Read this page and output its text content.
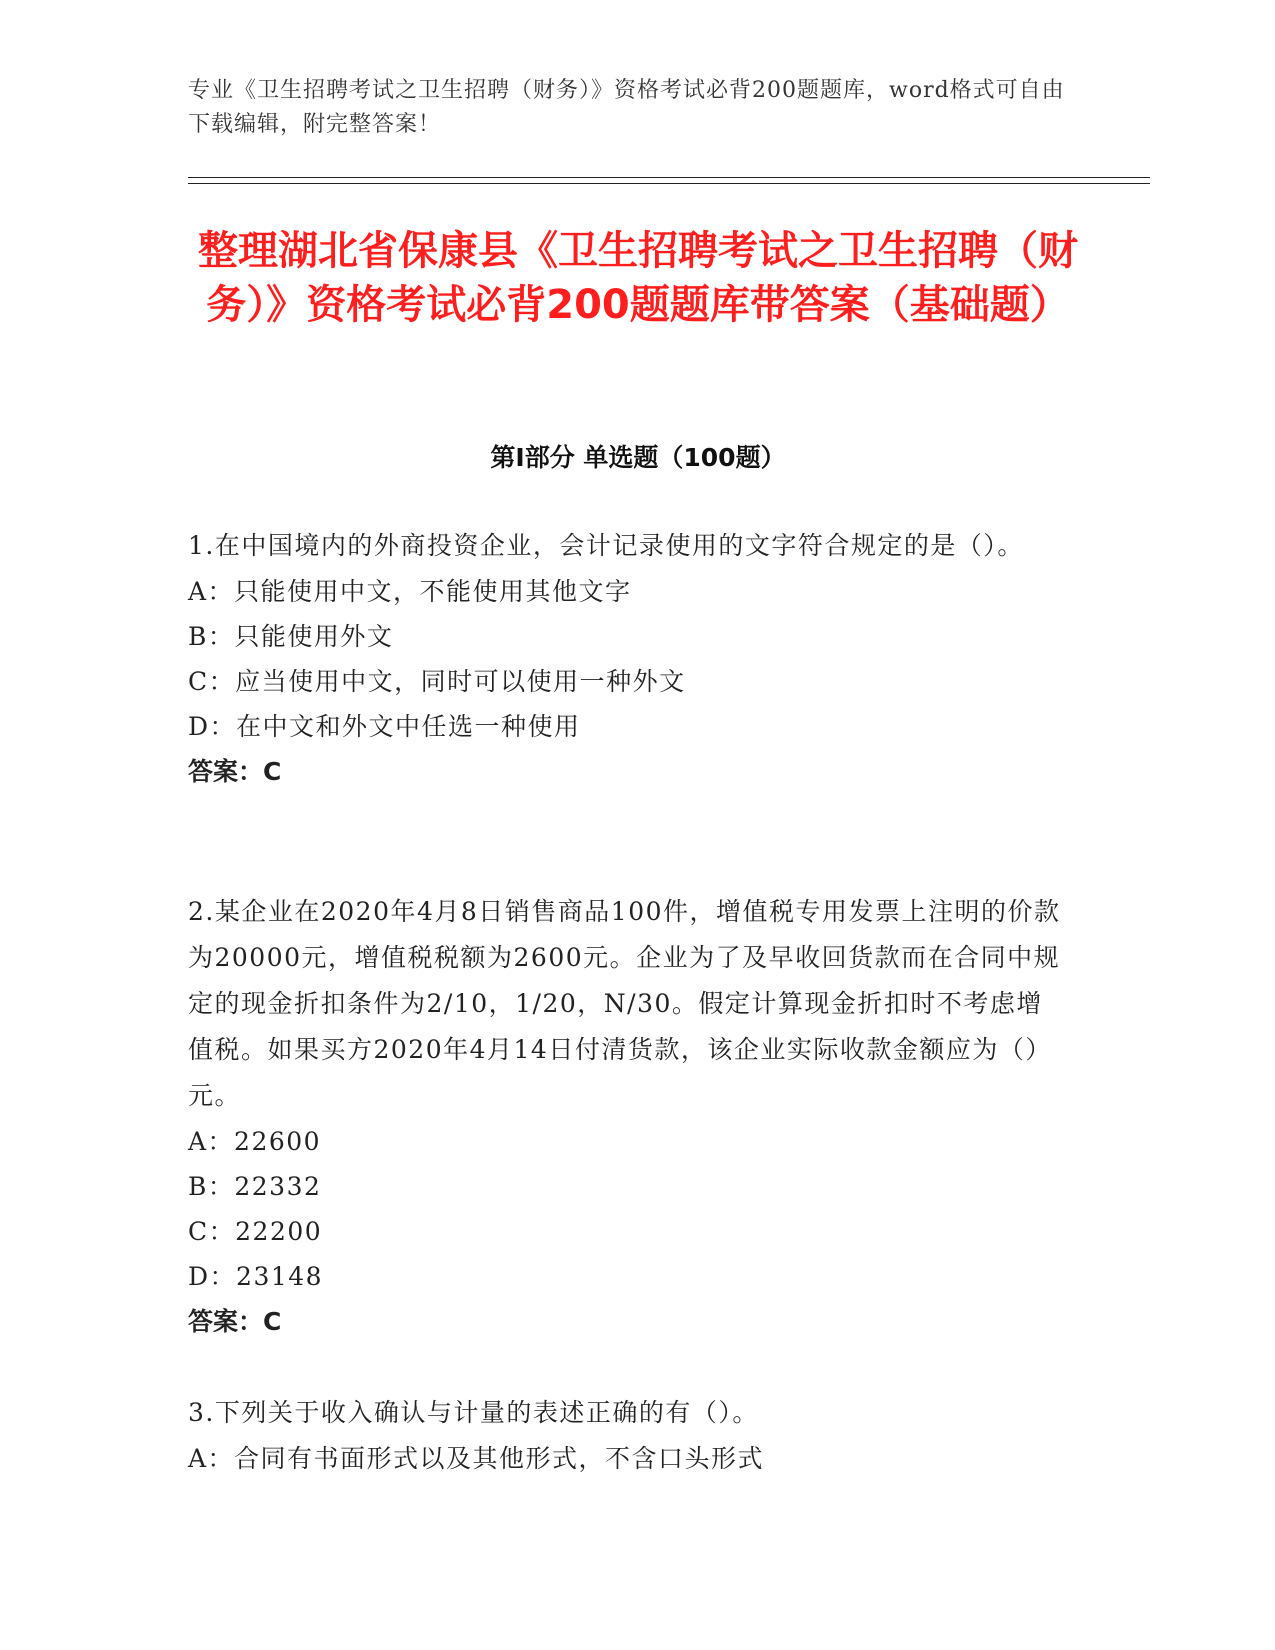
专业《卫生招聘考试之卫生招聘（财务）》资格考试必背200题题库，word格式可自由下载编辑，附完整答案！
整理湖北省保康县《卫生招聘考试之卫生招聘（财务）》资格考试必背200题题库带答案（基础题）
第Ⅰ部分 单选题（100题）
1.在中国境内的外商投资企业，会计记录使用的文字符合规定的是（）。
A：只能使用中文，不能使用其他文字
B：只能使用外文
C：应当使用中文，同时可以使用一种外文
D：在中文和外文中任选一种使用
答案：C
2.某企业在2020年4月8日销售商品100件，增值税专用发票上注明的价款为20000元，增值税税额为2600元。企业为了及早收回货款而在合同中规定的现金折扣条件为2/10，1/20，N/30。假定计算现金折扣时不考虑增值税。如果买方2020年4月14日付清货款，该企业实际收款金额应为（）元。
A：22600
B：22332
C：22200
D：23148
答案：C
3.下列关于收入确认与计量的表述正确的有（）。
A：合同有书面形式以及其他形式，不含口头形式
